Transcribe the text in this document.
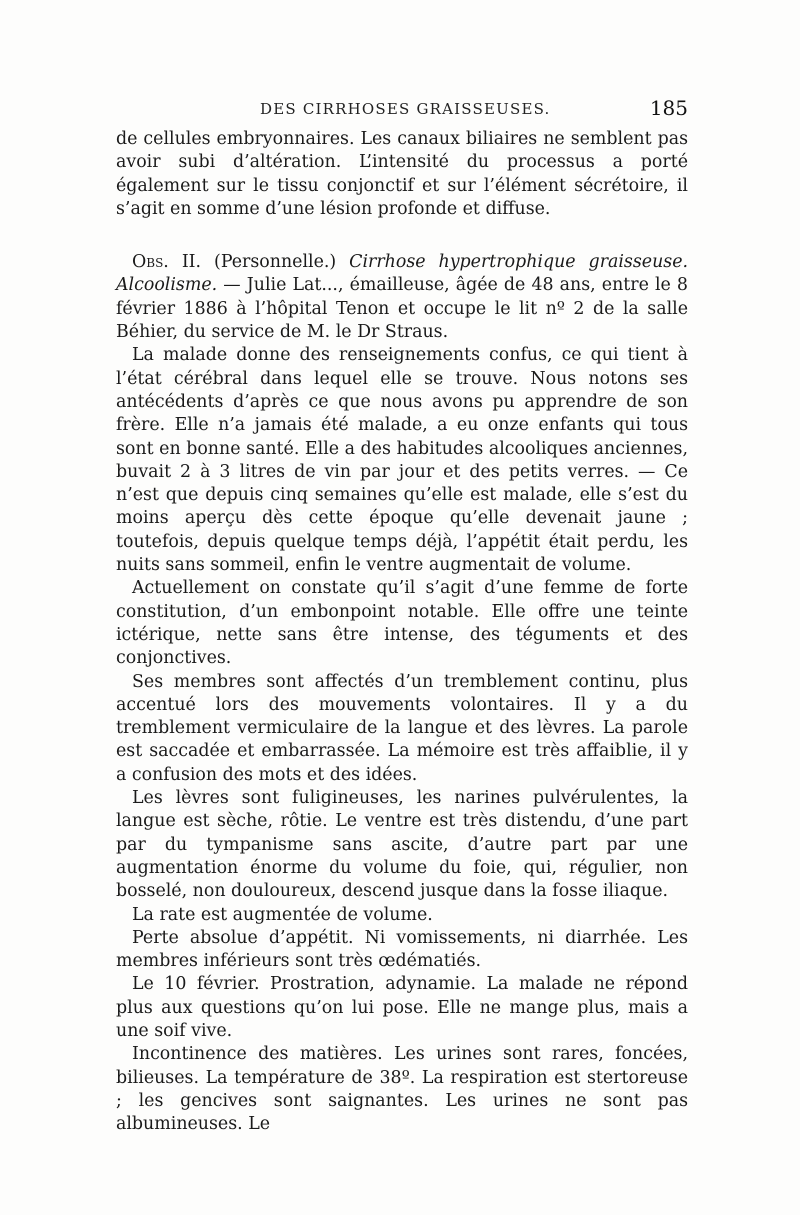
DES CIRRHOSES GRAISSEUSES.	185

de cellules embryonnaires. Les canaux biliaires ne semblent pas avoir subi d’altération. L’intensité du processus a porté également sur le tissu conjonctif et sur l’élément sécrétoire, il s’agit en somme d’une lésion profonde et diffuse.

Obs. II. (Personnelle.) Cirrhose hypertrophique graisseuse. Alcoolisme. — Julie Lat..., émailleuse, âgée de 48 ans, entre le 8 février 1886 à l’hôpital Tenon et occupe le lit nº 2 de la salle Béhier, du service de M. le Dr Straus.

La malade donne des renseignements confus, ce qui tient à l’état cérébral dans lequel elle se trouve. Nous notons ses antécédents d’après ce que nous avons pu apprendre de son frère. Elle n’a jamais été malade, a eu onze enfants qui tous sont en bonne santé. Elle a des habitudes alcooliques anciennes, buvait 2 à 3 litres de vin par jour et des petits verres. — Ce n’est que depuis cinq semaines qu’elle est malade, elle s’est du moins aperçu dès cette époque qu’elle devenait jaune ; toutefois, depuis quelque temps déjà, l’appétit était perdu, les nuits sans sommeil, enfin le ventre augmentait de volume.

Actuellement on constate qu’il s’agit d’une femme de forte constitution, d’un embonpoint notable. Elle offre une teinte ictérique, nette sans être intense, des téguments et des conjonctives.

Ses membres sont affectés d’un tremblement continu, plus accentué lors des mouvements volontaires. Il y a du tremblement vermiculaire de la langue et des lèvres. La parole est saccadée et embarrassée. La mémoire est très affaiblie, il y a confusion des mots et des idées.

Les lèvres sont fuligineuses, les narines pulvérulentes, la langue est sèche, rôtie. Le ventre est très distendu, d’une part par du tympanisme sans ascite, d’autre part par une augmentation énorme du volume du foie, qui, régulier, non bosselé, non douloureux, descend jusque dans la fosse iliaque.

La rate est augmentée de volume.

Perte absolue d’appétit. Ni vomissements, ni diarrhée. Les membres inférieurs sont très œdématiés.

Le 10 février. Prostration, adynamie. La malade ne répond plus aux questions qu’on lui pose. Elle ne mange plus, mais a une soif vive.

Incontinence des matières. Les urines sont rares, foncées, bilieuses. La température de 38º. La respiration est stertoreuse ; les gencives sont saignantes. Les urines ne sont pas albumineuses. Le
